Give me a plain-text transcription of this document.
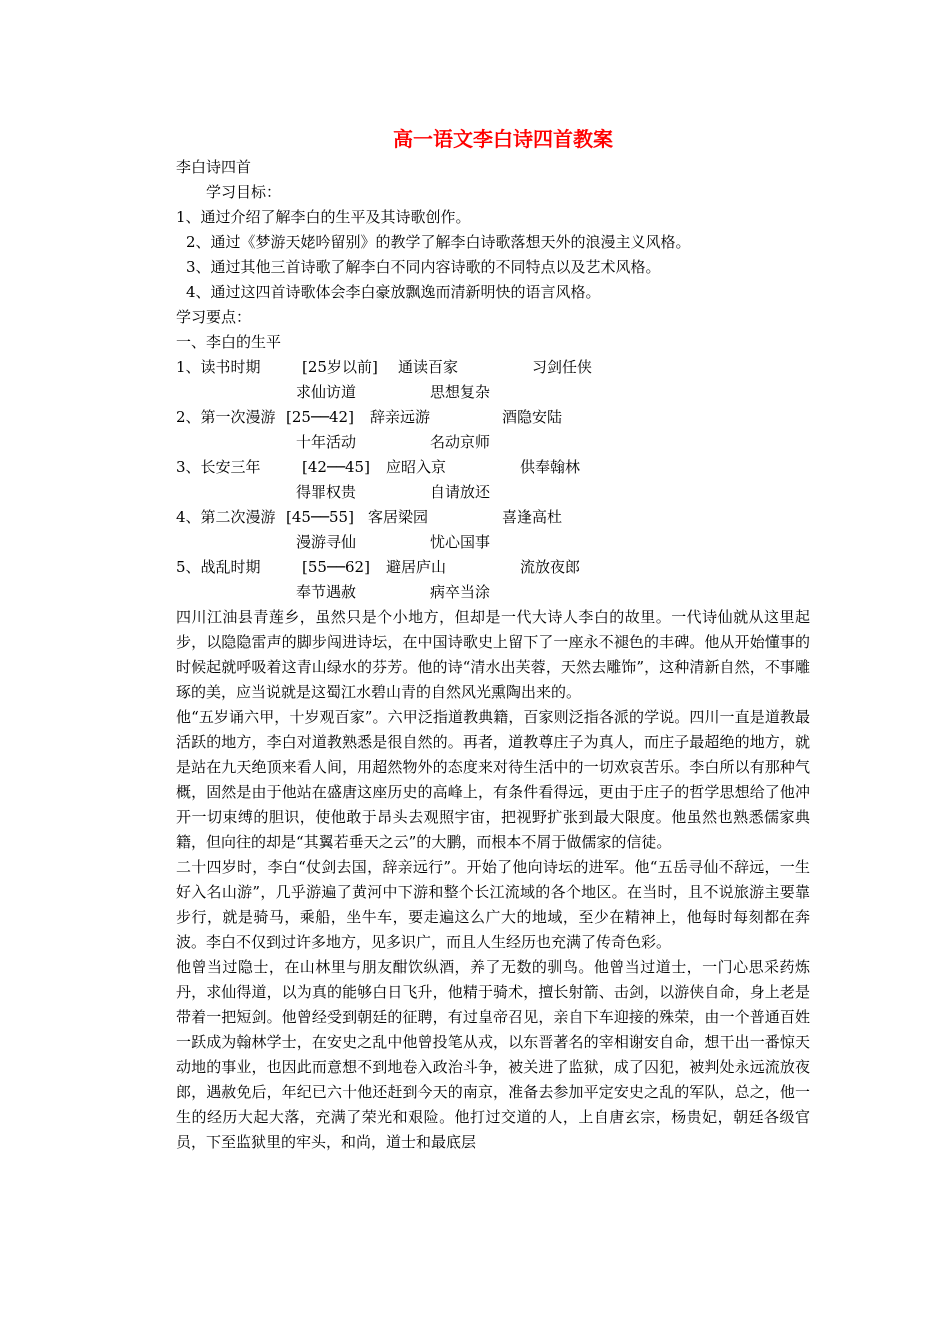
高一语文李白诗四首教案
李白诗四首
学习目标：
1、通过介绍了解李白的生平及其诗歌创作。
2、通过《梦游天姥吟留别》的教学了解李白诗歌落想天外的浪漫主义风格。
3、通过其他三首诗歌了解李白不同内容诗歌的不同特点以及艺术风格。
4、通过这四首诗歌体会李白豪放飘逸而清新明快的语言风格。
学习要点：
一、李白的生平
1、读书时期	[25岁以前] 通读百家	习剑任侠
求仙访道	思想复杂
2、第一次漫游 [25──42] 辞亲远游	酒隐安陆
十年活动	名动京师
3、长安三年	[42──45] 应昭入京	供奉翰林
得罪权贵	自请放还
4、第二次漫游 [45──55] 客居梁园	喜逢高杜
漫游寻仙	忧心国事
5、战乱时期	[55──62] 避居庐山	流放夜郎
奉节遇赦	病卒当涂

四川江油县青莲乡，虽然只是个小地方，但却是一代大诗人李白的故里。一代诗仙就从这里起步，以隐隐雷声的脚步闯进诗坛，在中国诗歌史上留下了一座永不褪色的丰碑。他从开始懂事的时候起就呼吸着这青山绿水的芬芳。他的诗“清水出芙蓉，天然去雕饰”，这种清新自然，不事雕琢的美，应当说就是这蜀江水碧山青的自然风光熏陶出来的。

他“五岁诵六甲，十岁观百家”。六甲泛指道教典籍，百家则泛指各派的学说。四川一直是道教最活跃的地方，李白对道教熟悉是很自然的。再者，道教尊庄子为真人，而庄子最超绝的地方，就是站在九天绝顶来看人间，用超然物外的态度来对待生活中的一切欢哀苦乐。李白所以有那种气概，固然是由于他站在盛唐这座历史的高峰上，有条件看得远，更由于庄子的哲学思想给了他冲开一切束缚的胆识，使他敢于昂头去观照宇宙，把视野扩张到最大限度。他虽然也熟悉儒家典籍，但向往的却是“其翼若垂天之云”的大鹏，而根本不屑于做儒家的信徒。

二十四岁时，李白“仗剑去国，辞亲远行”。开始了他向诗坛的进军。他“五岳寻仙不辞远，一生好入名山游”，几乎游遍了黄河中下游和整个长江流域的各个地区。在当时，且不说旅游主要靠步行，就是骑马，乘船，坐牛车，要走遍这么广大的地域，至少在精神上，他每时每刻都在奔波。李白不仅到过许多地方，见多识广，而且人生经历也充满了传奇色彩。

他曾当过隐士，在山林里与朋友酣饮纵酒，养了无数的驯鸟。他曾当过道士，一门心思采药炼丹，求仙得道，以为真的能够白日飞升，他精于骑术，擅长射箭、击剑，以游侠自命，身上老是带着一把短剑。他曾经受到朝廷的征聘，有过皇帝召见，亲自下车迎接的殊荣，由一个普通百姓一跃成为翰林学士，在安史之乱中他曾投笔从戎，以东晋著名的宰相谢安自命，想干出一番惊天动地的事业，也因此而意想不到地卷入政治斗争，被关进了监狱，成了囚犯，被判处永远流放夜郎，遇赦免后，年纪已六十他还赶到今天的南京，准备去参加平定安史之乱的军队，总之，他一生的经历大起大落，充满了荣光和艰险。他打过交道的人，上自唐玄宗，杨贵妃，朝廷各级官员，下至监狱里的牢头，和尚，道士和最底层
